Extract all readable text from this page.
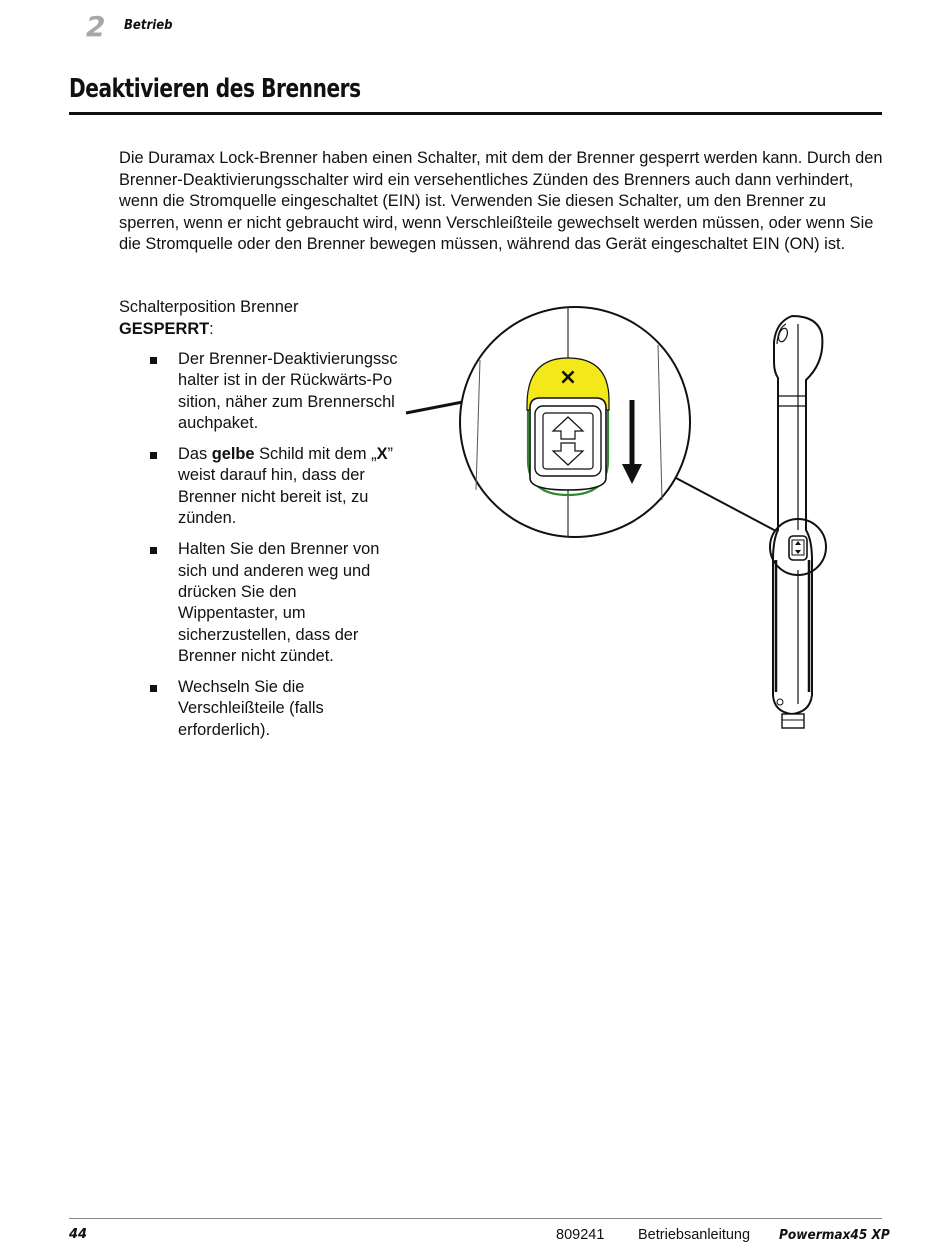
2 Betrieb
Deaktivieren des Brenners

Die Duramax Lock-Brenner haben einen Schalter, mit dem der Brenner gesperrt werden kann. Durch den Brenner-Deaktivierungsschalter wird ein versehentliches Zünden des Brenners auch dann verhindert, wenn die Stromquelle eingeschaltet (EIN) ist. Verwenden Sie diesen Schalter, um den Brenner zu sperren, wenn er nicht gebraucht wird, wenn Verschleißteile gewechselt werden müssen, oder wenn Sie die Stromquelle oder den Brenner bewegen müssen, während das Gerät eingeschaltet EIN (ON) ist.

Schalterposition Brenner
GESPERRT:

Der Brenner-Deaktivierungsschalter ist in der Rückwärts-Position, näher zum Brennerschlauchpaket.
Das gelbe Schild mit dem „X” weist darauf hin, dass der Brenner nicht bereit ist, zu zünden.
Halten Sie den Brenner von sich und anderen weg und drücken Sie den Wippentaster, um sicherzustellen, dass der Brenner nicht zündet.
Wechseln Sie die Verschleißteile (falls erforderlich).
×
44	809241 Betriebsanleitung Powermax45 XP
